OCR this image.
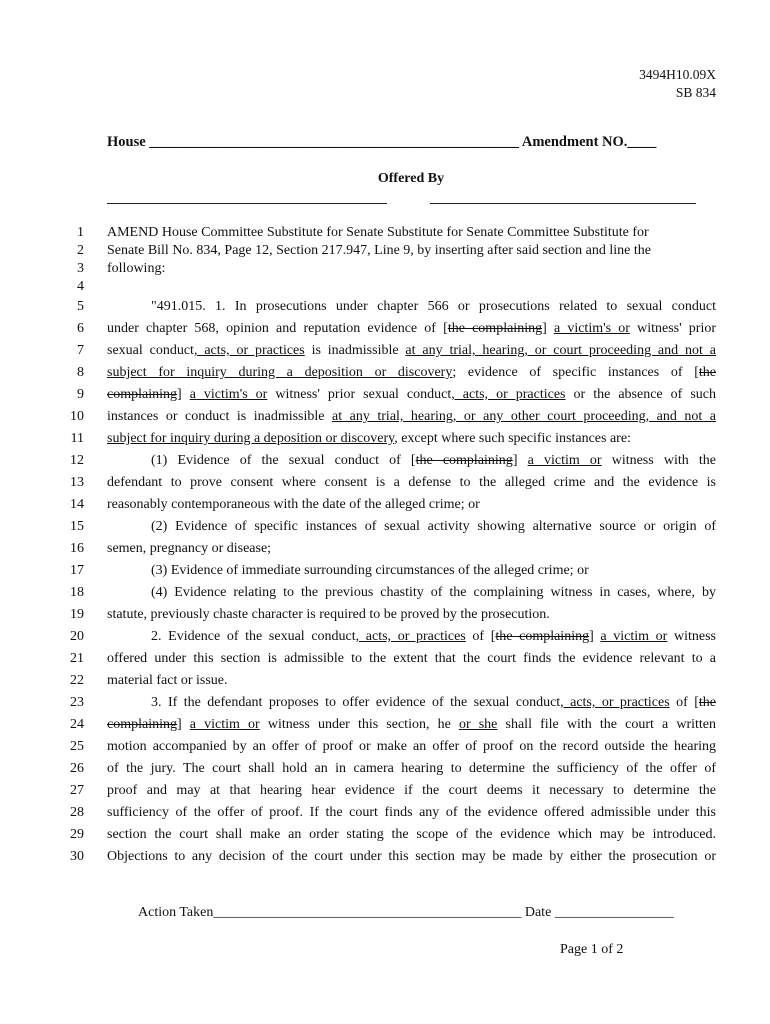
3494H10.09X
SB 834
House ___________________________________________________ Amendment NO.____
Offered By
1 AMEND House Committee Substitute for Senate Substitute for Senate Committee Substitute for
2 Senate Bill No. 834, Page 12, Section 217.947, Line 9, by inserting after said section and line the
3 following:
4
5	"491.015. 1. In prosecutions under chapter 566 or prosecutions related to sexual conduct
6 under chapter 568, opinion and reputation evidence of [the complaining] a victim's or witness' prior
7 sexual conduct, acts, or practices is inadmissible at any trial, hearing, or court proceeding and not a
8 subject for inquiry during a deposition or discovery; evidence of specific instances of [the
9 complaining] a victim's or witness' prior sexual conduct, acts, or practices or the absence of such
10 instances or conduct is inadmissible at any trial, hearing, or any other court proceeding, and not a
11 subject for inquiry during a deposition or discovery, except where such specific instances are:
12	(1) Evidence of the sexual conduct of [the complaining] a victim or witness with the
13 defendant to prove consent where consent is a defense to the alleged crime and the evidence is
14 reasonably contemporaneous with the date of the alleged crime; or
15	(2) Evidence of specific instances of sexual activity showing alternative source or origin of
16 semen, pregnancy or disease;
17	(3) Evidence of immediate surrounding circumstances of the alleged crime; or
18	(4) Evidence relating to the previous chastity of the complaining witness in cases, where, by
19 statute, previously chaste character is required to be proved by the prosecution.
20	2. Evidence of the sexual conduct, acts, or practices of [the complaining] a victim or witness
21 offered under this section is admissible to the extent that the court finds the evidence relevant to a
22 material fact or issue.
23	3. If the defendant proposes to offer evidence of the sexual conduct, acts, or practices of [the
24 complaining] a victim or witness under this section, he or she shall file with the court a written
25 motion accompanied by an offer of proof or make an offer of proof on the record outside the hearing
26 of the jury. The court shall hold an in camera hearing to determine the sufficiency of the offer of
27 proof and may at that hearing hear evidence if the court deems it necessary to determine the
28 sufficiency of the offer of proof. If the court finds any of the evidence offered admissible under this
29 section the court shall make an order stating the scope of the evidence which may be introduced.
30 Objections to any decision of the court under this section may be made by either the prosecution or
Action Taken____________________________________________ Date _________________
Page 1 of 2
